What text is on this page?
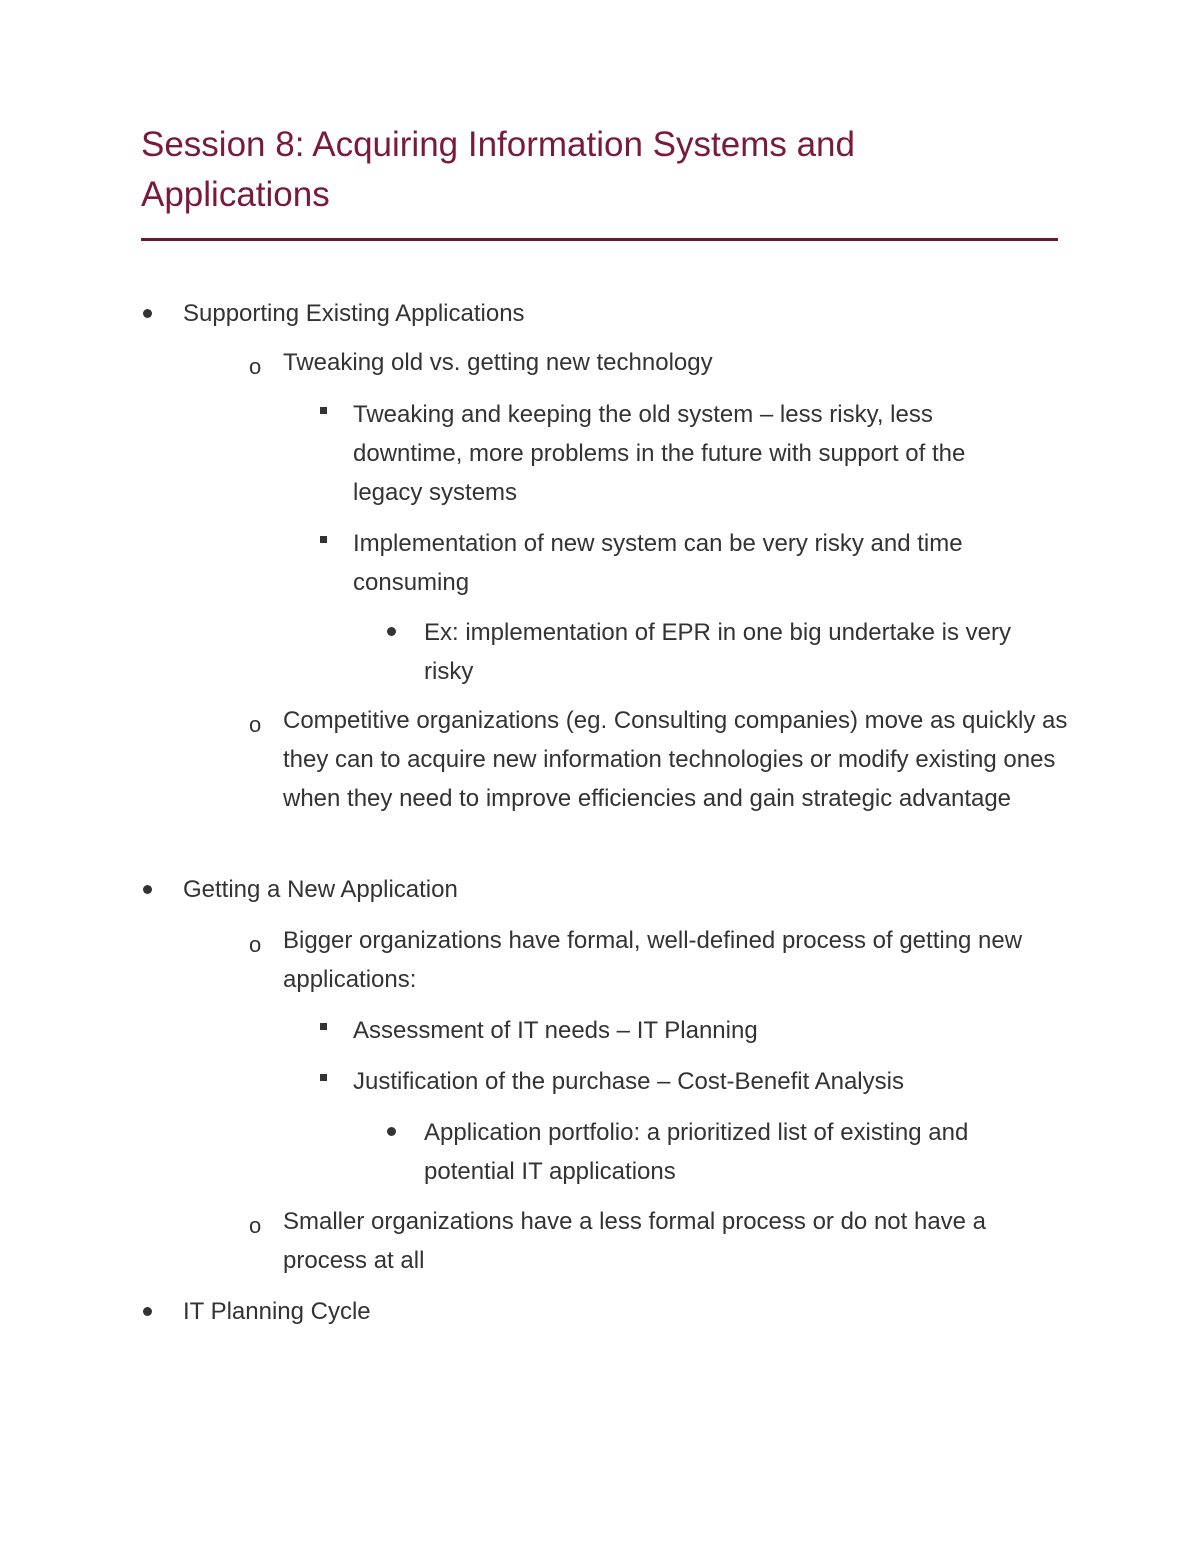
Session 8: Acquiring Information Systems and Applications

Supporting Existing Applications

o Tweaking old vs. getting new technology

Tweaking and keeping the old system – less risky, less downtime, more problems in the future with support of the legacy systems

Implementation of new system can be very risky and time consuming

Ex: implementation of EPR in one big undertake is very risky

o Competitive organizations (eg. Consulting companies) move as quickly as they can to acquire new information technologies or modify existing ones when they need to improve efficiencies and gain strategic advantage

Getting a New Application

o Bigger organizations have formal, well-defined process of getting new applications:

Assessment of IT needs – IT Planning

Justification of the purchase – Cost-Benefit Analysis

Application portfolio: a prioritized list of existing and potential IT applications

o Smaller organizations have a less formal process or do not have a process at all

IT Planning Cycle
